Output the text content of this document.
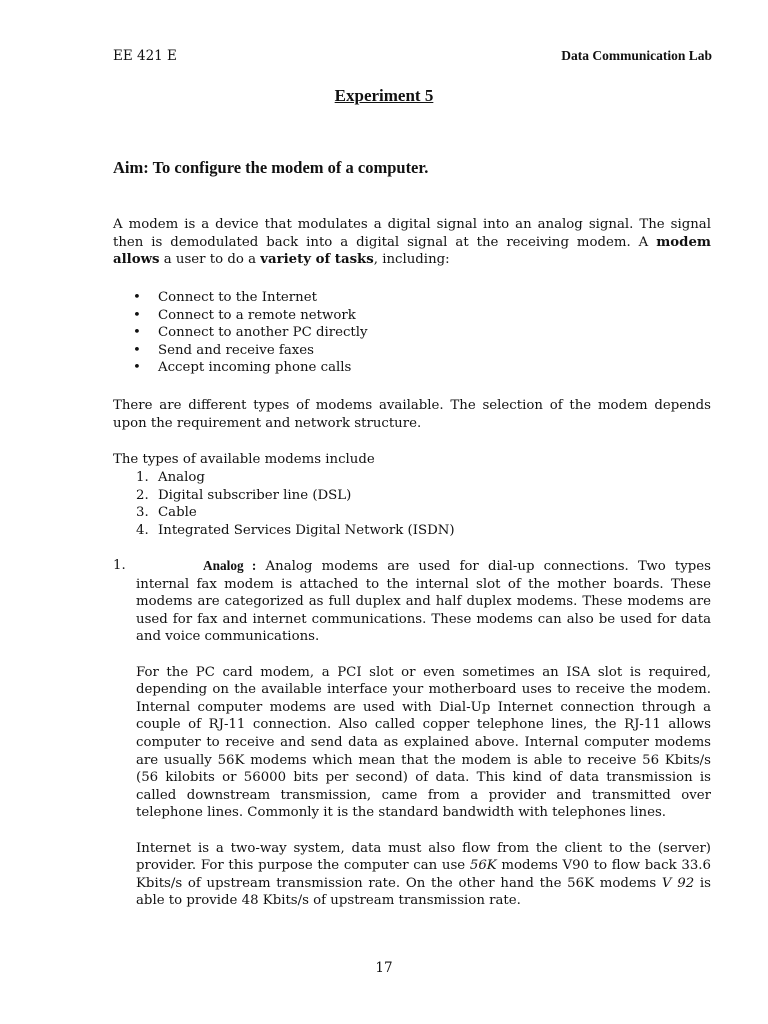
EE 421 E	Data Communication Lab
Experiment 5
Aim: To configure the modem of a computer.
A modem is a device that modulates a digital signal into an analog signal. The signal then is demodulated back into a digital signal at the receiving modem. A modem allows a user to do a variety of tasks, including:
• Connect to the Internet
• Connect to a remote network
• Connect to another PC directly
• Send and receive faxes
• Accept incoming phone calls
There are different types of modems available. The selection of the modem depends upon the requirement and network structure.
The types of available modems include
1. Analog
2. Digital subscriber line (DSL)
3. Cable
4. Integrated Services Digital Network (ISDN)
1.	Analog : Analog modems are used for dial-up connections. Two types internal fax modem is attached to the internal slot of the mother boards. These modems are categorized as full duplex and half duplex modems. These modems are used for fax and internet communications. These modems can also be used for data and voice communications.

For the PC card modem, a PCI slot or even sometimes an ISA slot is required, depending on the available interface your motherboard uses to receive the modem. Internal computer modems are used with Dial-Up Internet connection through a couple of RJ-11 connection. Also called copper telephone lines, the RJ-11 allows computer to receive and send data as explained above. Internal computer modems are usually 56K modems which mean that the modem is able to receive 56 Kbits/s (56 kilobits or 56000 bits per second) of data. This kind of data transmission is called downstream transmission, came from a provider and transmitted over telephone lines. Commonly it is the standard bandwidth with telephones lines.

Internet is a two-way system, data must also flow from the client to the (server) provider. For this purpose the computer can use 56K modems V90 to flow back 33.6 Kbits/s of upstream transmission rate. On the other hand the 56K modems V 92 is able to provide 48 Kbits/s of upstream transmission rate.

17
